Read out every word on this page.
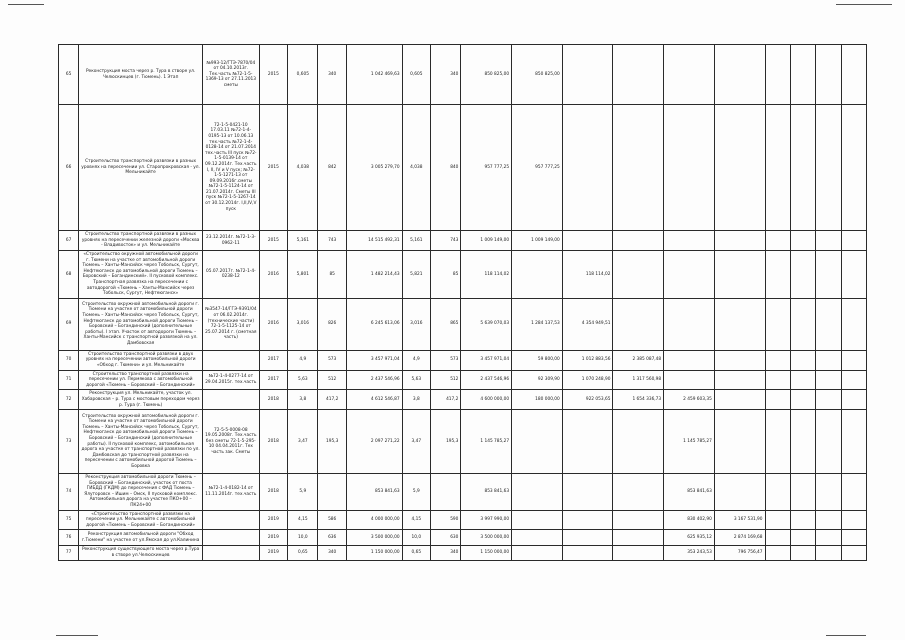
65	Реконструкция моста через р. Тура в створе ул. Челюскинцев (г. Тюмень). 1 Этап	№993-12/ГТЭ-7870/04 от 04.10.2013г. Тех.часть №72-1-5-1369-13 от 27.11.2013 сметы	2015	0,605	340	1 042 469,63	0,605	340	850 825,00	850 825,00								
66	Строительство транспортной развязки в разных уровнях на пересечении ул. Старопрокровская - ул. Мельникайте	72-1-5-0421-10 17.03.11 №72-1-4-0195-13 от 10.06.13 тех.часть №72-1-4-0128-14 от 21.07.2014 тех.часть III пуск №72-1-5-0139-14 от 09.12.2014г. Тех.часть I, II, IV и V пуск; №72-1-5-1271-13 от 09.09.2016г.сметы №72-1-5-1124-14 от 21.07.2014г. Сметы III пуск №72-1-5-1267-14 от 30.12.2014г. I,II,IV,V пуск	2015	4,038	842	3 005 279,70	4,038	840	957 777,25	957 777,25								
67	Строительство транспортной развязки в разных уровнях на пересечении железной дороги «Москва - Владивосток» и ул. Мельникайте	23.12.2014г. №72-1-3-0962-11	2015	5,161	743	14 515 492,31	5,161	743	1 009 149,00	1 009 149,00								
68	«Строительство окружной автомобильной дороги г. Тюмени на участке от автомобильной дороги Тюмень – Ханты-Мансийск через Тобольск, Сургут, Нефтеюганск до автомобильной дороги Тюмень – Боровский – Богандинский». II пусковой комплекс. Транспортная развязка на пересечении с автодорогой «Тюмень – Ханты-Мансийск через Тобольск, Сургут, Нефтеюганск»	05.07.2017г. №72-1-4-0238-12	2016	5,801	85	1 482 214,43	5,821	85	118 114,02		118 114,02							
69	Строительство окружной автомобильной дороги г. Тюмени на участке от автомобильной дороги Тюмень – Ханты-Мансийск через Тобольск, Сургут, Нефтеюганск до автомобильной дороги Тюмень – Боровский – Богандинский (дополнительные работы). I этап. Участок от автодороги Тюмень – Ханты-Мансийск с транспортной развязкой на ул. Дамбовская	№3547-14/ГГЭ-9391/04 от 06.02.2014г. (технические части) 72-1-5-1125-14 от 25.07.2014 г. (сметная часть)	2016	3,016	826	6 245 613,06	3,016	865	5 639 070,03	1 284 137,53	4 354 949,51							
70	Строительство транспортной развязки в двух уровнях на пересечении автомобильной дороги «Обход г. Тюмени» и ул. Мельникайте		2017	4,9	573	3 457 971,04	4,9	573	3 457 971,04	59 800,00	1 012 883,56	2 385 087,48						
71	Строительство транспортной развязки на пересечении ул. Пермякова с автомобильной дорогой «Тюмень – Боровский – Богандинский»	№72-1-4-0277-14 от 29.04.2015г. тех.часть	2017	5,63	512	2 437 546,96	5,63	512	2 437 546,96	92 309,90	1 070 248,90	1 317 560,98						
72	Реконструкция ул. Мельникайте, участок ул. Хабаровская – р. Тура с мостовым переходом через р. Тура (г. Тюмень)		2018	3,8	417,2	4 612 546,87	3,8	417,2	4 600 000,00	180 000,00	922 053,65	1 654 336,73	2 459 603,35					
73	Строительство окружной автомобильной дороги г. Тюмени на участке от автомобильной дороги Тюмень – Ханты-Мансийск через Тобольск, Сургут, Нефтеюганск до автомобильной дороги Тюмень – Боровский – Богандинский (дополнительные работы). II пусковой комплекс, автомобильная дорога на участке от транспортной развязки по ул. Дамбовская до транспортной развязки на пересечении с автомобильной дорогой Тюмень – Боровка	72-5-5-0008-08 19.05.2008г. Тех.часть без сметы 72-1-5-295-10 04.04.2011г. Тех часть зак. Сметы	2018	3,47	195,3	2 097 271,22	3,47	195,3	1 145 785,27				1 145 785,27					
74	Реконструкция автомобильной дороги Тюмень – Боровский – Богандинский, участок от поста ГИБДД (ГКДМ) до пересечения с ФАД Тюмень – Ялуторовск – Ишим – Омск, II пусковой комплекс. Автомобильная дорога на участке ПКО+00 – ПК24+00	№72-1-4-0182-14 от 11.11.2014г. тех.часть	2018	5,9		853 841,63	5,9		853 841,63				853 841,63					
75	«Строительство транспортной развязки на пересечении ул. Мельникайте с автомобильной дорогой «Тюмень – Боровский – Богандинский»		2019	4,15	586	4 000 000,00	4,15	590	3 997 990,00				830 402,90	3 167 531,90				
76	Реконструкция автомобильной дороги "Обход г.Тюмени" на участке от ул.Ямская до ул.Калинина		2019	10,0	636	3 500 000,00	10,0	630	3 500 000,00				625 935,12	2 874 169,68				
77	Реконструкция существующего моста через р.Тура в створе ул.Челюскинцев		2019	0,65	340	1 150 000,00	0,65	340	1 150 000,00				353 243,53	796 756,47				
